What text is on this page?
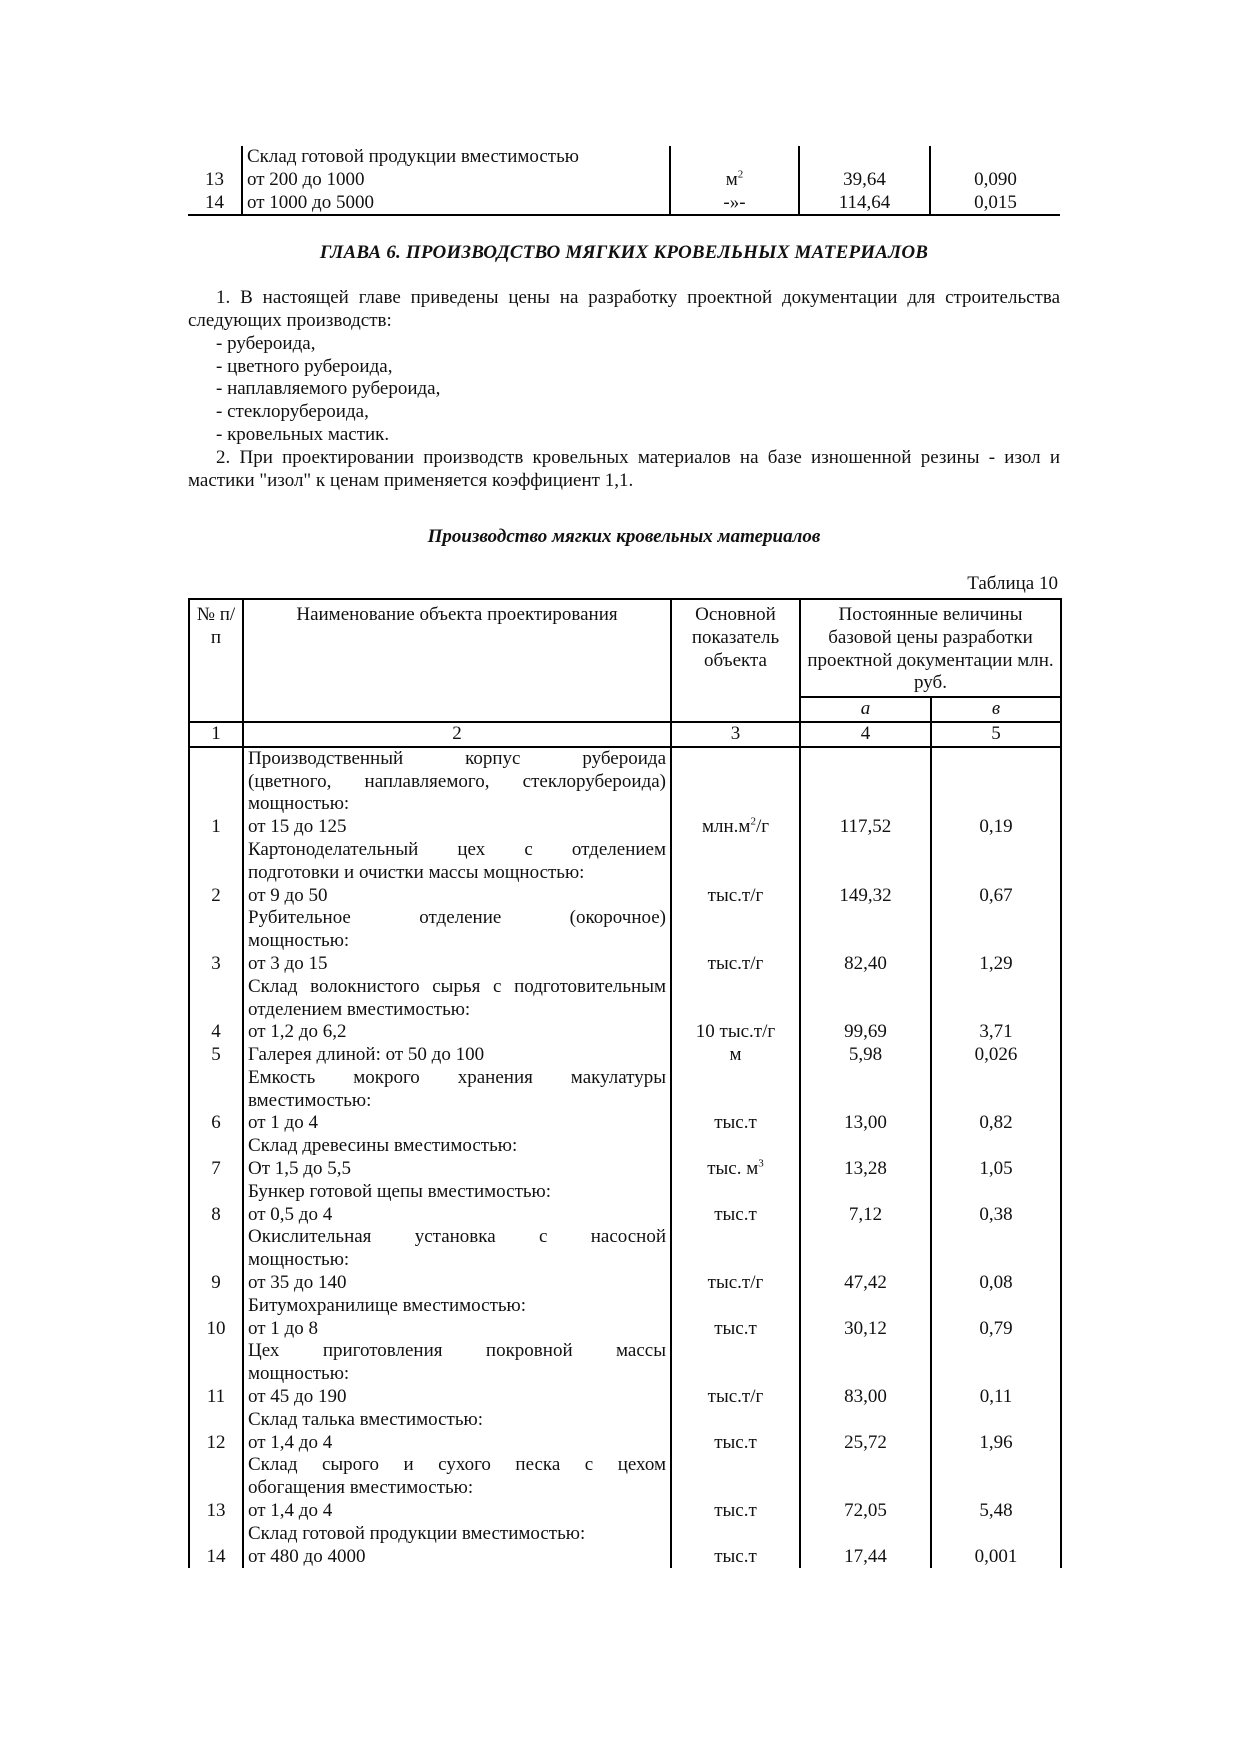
	Склад готовой продукции вместимостью			
13	от 200 до 1000	$м^2$	39,64	0,090
14	от 1000 до 5000	-»-	114,64	0,015
ГЛАВА 6. ПРОИЗВОДСТВО МЯГКИХ КРОВЕЛЬНЫХ МАТЕРИАЛОВ

1. В настоящей главе приведены цены на разработку проектной документации для строительства следующих производств:

- рубероида,
- цветного рубероида,
- наплавляемого рубероида,
- стеклорубероида,
- кровельных мастик.

2. При проектировании производств кровельных материалов на базе изношенной резины - изол и мастики "изол" к ценам применяется коэффициент 1,1.

Производство мягких кровельных материалов
Таблица 10
№ п/п	Наименование объекта проектирования	Основной показатель объекта	Постоянные величины базовой цены разработки проектной документации млн. руб.	
			а	в
1	2	3	4	5
1	Производственный корпус рубероида
(цветного, наплавляемого, стеклорубероида)
мощностью:
от 15 до 125	$млн.м^2/г$	117,52	0,19
2	Картоноделательный цех с отделением
подготовки и очистки массы мощностью:
от 9 до 50	тыс.т/г	149,32	0,67
3	Рубительное отделение (окорочное)
мощностью:
от 3 до 15	тыс.т/г	82,40	1,29
4	Склад волокнистого сырья с подготовительным
отделением вместимостью:
от 1,2 до 6,2	10 тыс.т/г	99,69	3,71
5	Галерея длиной: от 50 до 100	м	5,98	0,026
6	Емкость мокрого хранения макулатуры
вместимостью:
от 1 до 4	тыс.т	13,00	0,82
7	Склад древесины вместимостью:
От 1,5 до 5,5	тыс. $м^3$	13,28	1,05
8	Бункер готовой щепы вместимостью:
от 0,5 до 4	тыс.т	7,12	0,38
9	Окислительная установка с насосной
мощностью:
от 35 до 140	тыс.т/г	47,42	0,08
10	Битумохранилище вместимостью:
от 1 до 8	тыс.т	30,12	0,79
11	Цех приготовления покровной массы
мощностью:
от 45 до 190	тыс.т/г	83,00	0,11
12	Склад талька вместимостью:
от 1,4 до 4	тыс.т	25,72	1,96
13	Склад сырого и сухого песка с цехом
обогащения вместимостью:
от 1,4 до 4	тыс.т	72,05	5,48
14	Склад готовой продукции вместимостью:
от 480 до 4000	тыс.т	17,44	0,001
